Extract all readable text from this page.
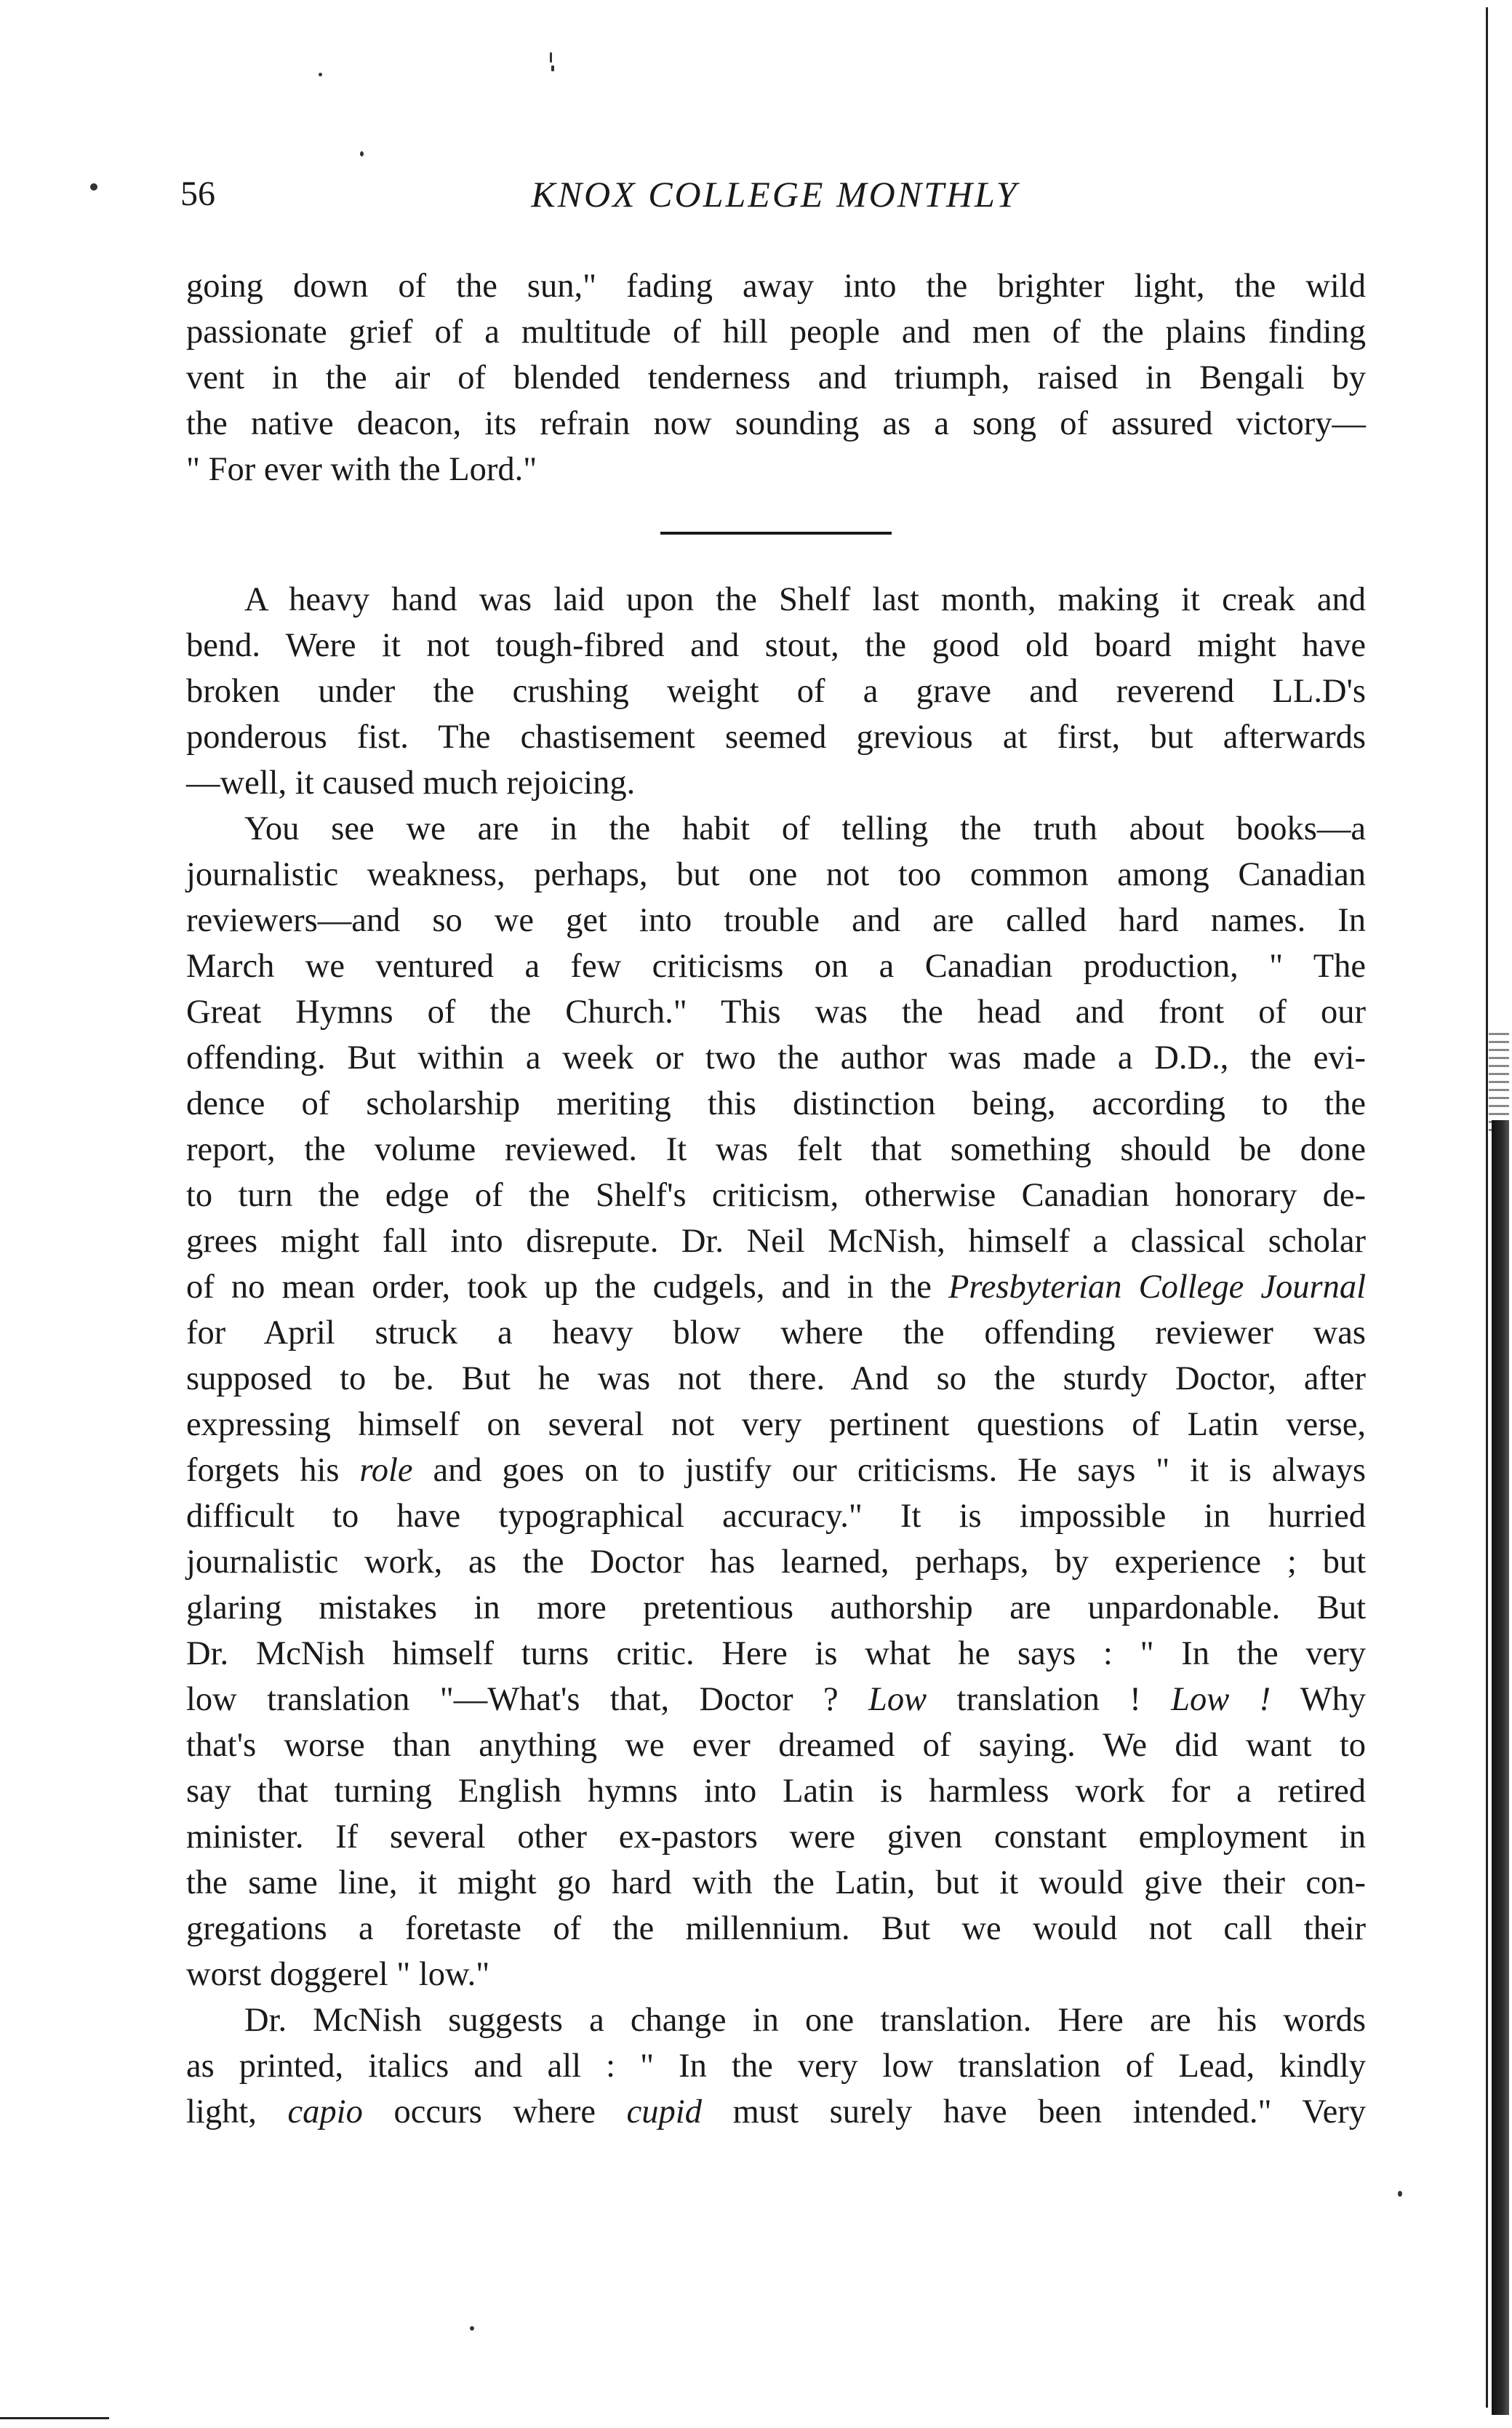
56	KNOX COLLEGE MONTHLY

going down of the sun," fading away into the brighter light, the wild
passionate grief of a multitude of hill people and men of the plains finding
vent in the air of blended tenderness and triumph, raised in Bengali by
the native deacon, its refrain now sounding as a song of assured victory—
" For ever with the Lord."

A heavy hand was laid upon the Shelf last month, making it creak and
bend. Were it not tough-fibred and stout, the good old board might have
broken under the crushing weight of a grave and reverend LL.D's
ponderous fist. The chastisement seemed grevious at first, but afterwards
—well, it caused much rejoicing.

You see we are in the habit of telling the truth about books—a
journalistic weakness, perhaps, but one not too common among Canadian
reviewers—and so we get into trouble and are called hard names. In
March we ventured a few criticisms on a Canadian production, " The
Great Hymns of the Church." This was the head and front of our
offending. But within a week or two the author was made a D.D., the evi-
dence of scholarship meriting this distinction being, according to the
report, the volume reviewed. It was felt that something should be done
to turn the edge of the Shelf's criticism, otherwise Canadian honorary de-
grees might fall into disrepute. Dr. Neil McNish, himself a classical scholar
of no mean order, took up the cudgels, and in the Presbyterian College Journal
for April struck a heavy blow where the offending reviewer was
supposed to be. But he was not there. And so the sturdy Doctor, after
expressing himself on several not very pertinent questions of Latin verse,
forgets his role and goes on to justify our criticisms. He says " it is always
difficult to have typographical accuracy." It is impossible in hurried
journalistic work, as the Doctor has learned, perhaps, by experience ; but
glaring mistakes in more pretentious authorship are unpardonable. But
Dr. McNish himself turns critic. Here is what he says : " In the very
low translation "—What's that, Doctor ? Low translation ! Low ! Why
that's worse than anything we ever dreamed of saying. We did want to
say that turning English hymns into Latin is harmless work for a retired
minister. If several other ex-pastors were given constant employment in
the same line, it might go hard with the Latin, but it would give their con-
gregations a foretaste of the millennium. But we would not call their
worst doggerel " low."

Dr. McNish suggests a change in one translation. Here are his words
as printed, italics and all : " In the very low translation of Lead, kindly
light, capio occurs where cupid must surely have been intended." Very
